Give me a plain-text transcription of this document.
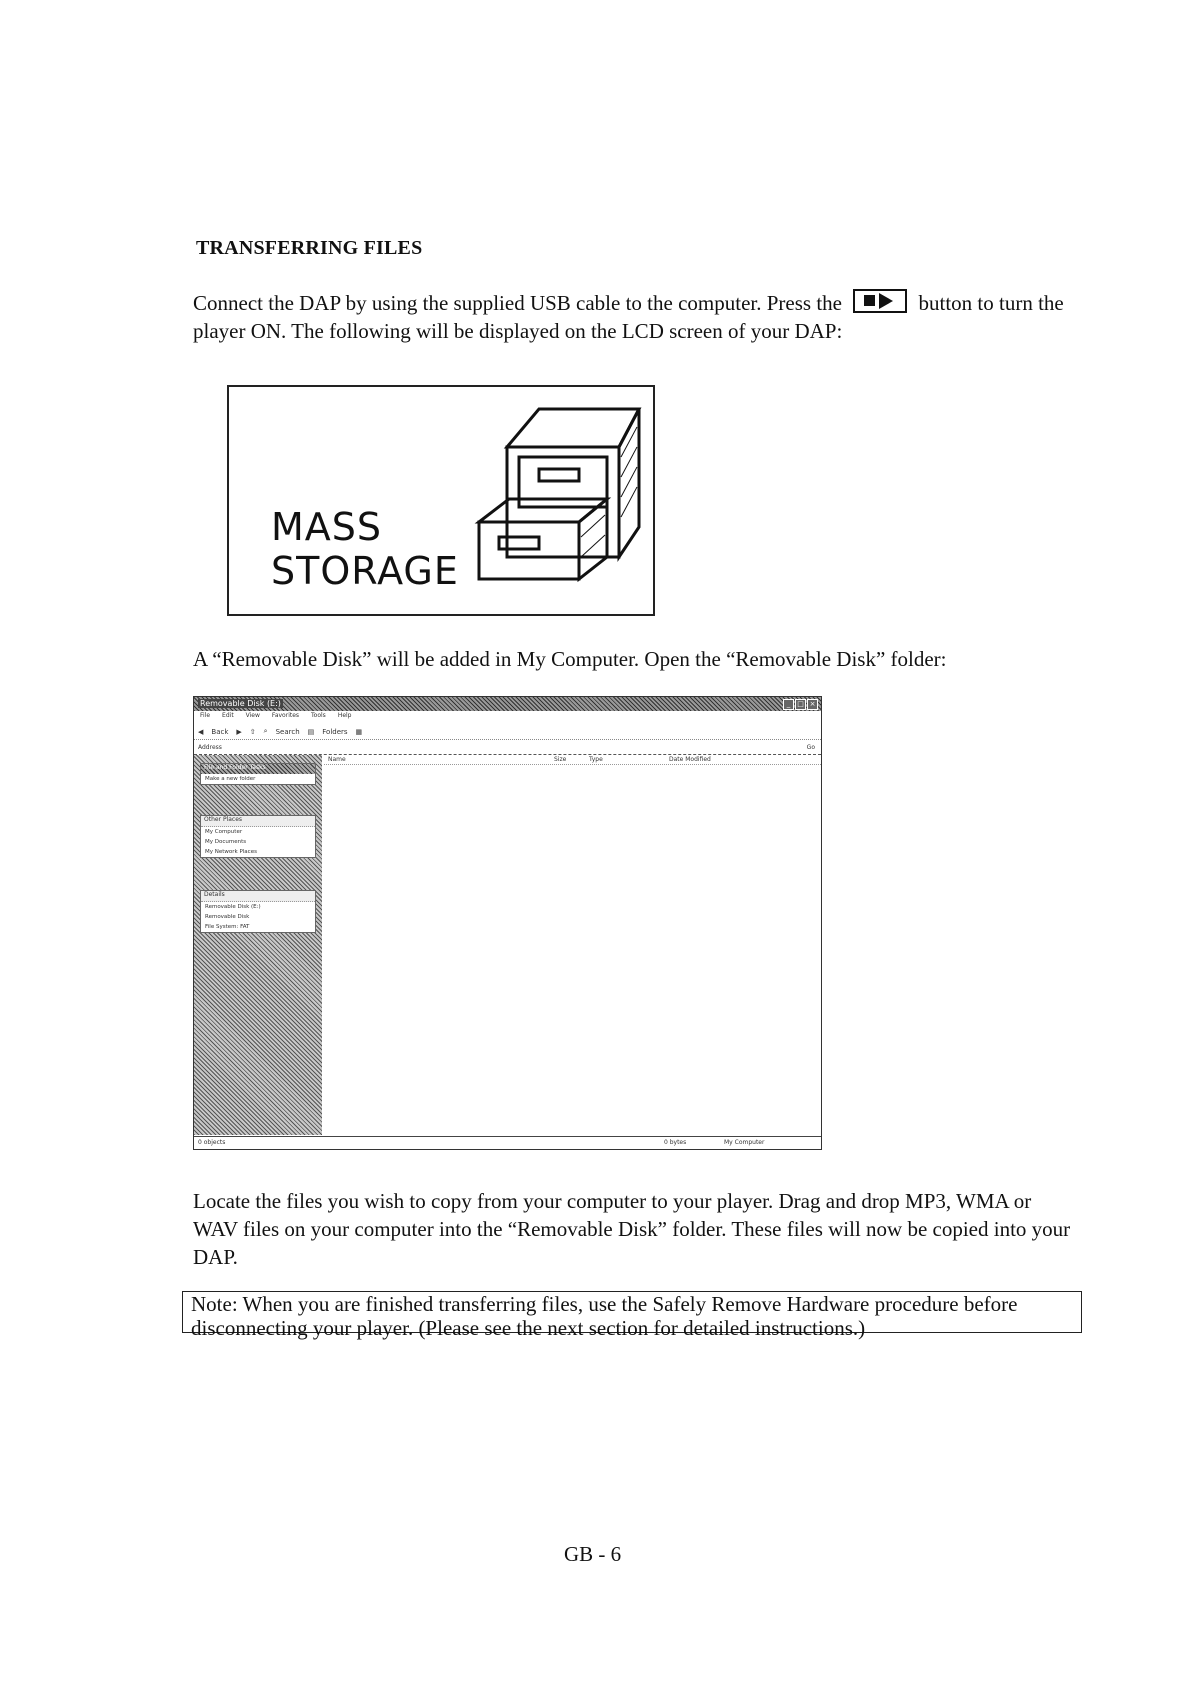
TRANSFERRING FILES
Connect the DAP by using the supplied USB cable to the computer. Press the	button to turn the player ON. The following will be displayed on the LCD screen of your DAP:
MASS
STORAGE
A “Removable Disk” will be added in My Computer. Open the “Removable Disk” folder:
Removable Disk (E:)	_ □ ×
File Edit View Favorites Tools Help
◀ Back ▶ ⇧ ⌕ Search ▤ Folders ▦
Address	Go
File and Folder Tasks
Make a new folder
Other Places
My Computer
My Documents
My Network Places
Details
Removable Disk (E:)
Removable Disk
File System: FAT
Name	Size	Type	Date Modified
0 objects	0 bytes	My Computer
Locate the files you wish to copy from your computer to your player. Drag and drop MP3, WMA or WAV files on your computer into the “Removable Disk” folder. These files will now be copied into your DAP.
Note: When you are finished transferring files, use the Safely Remove Hardware procedure before disconnecting your player. (Please see the next section for detailed instructions.)
GB - 6
